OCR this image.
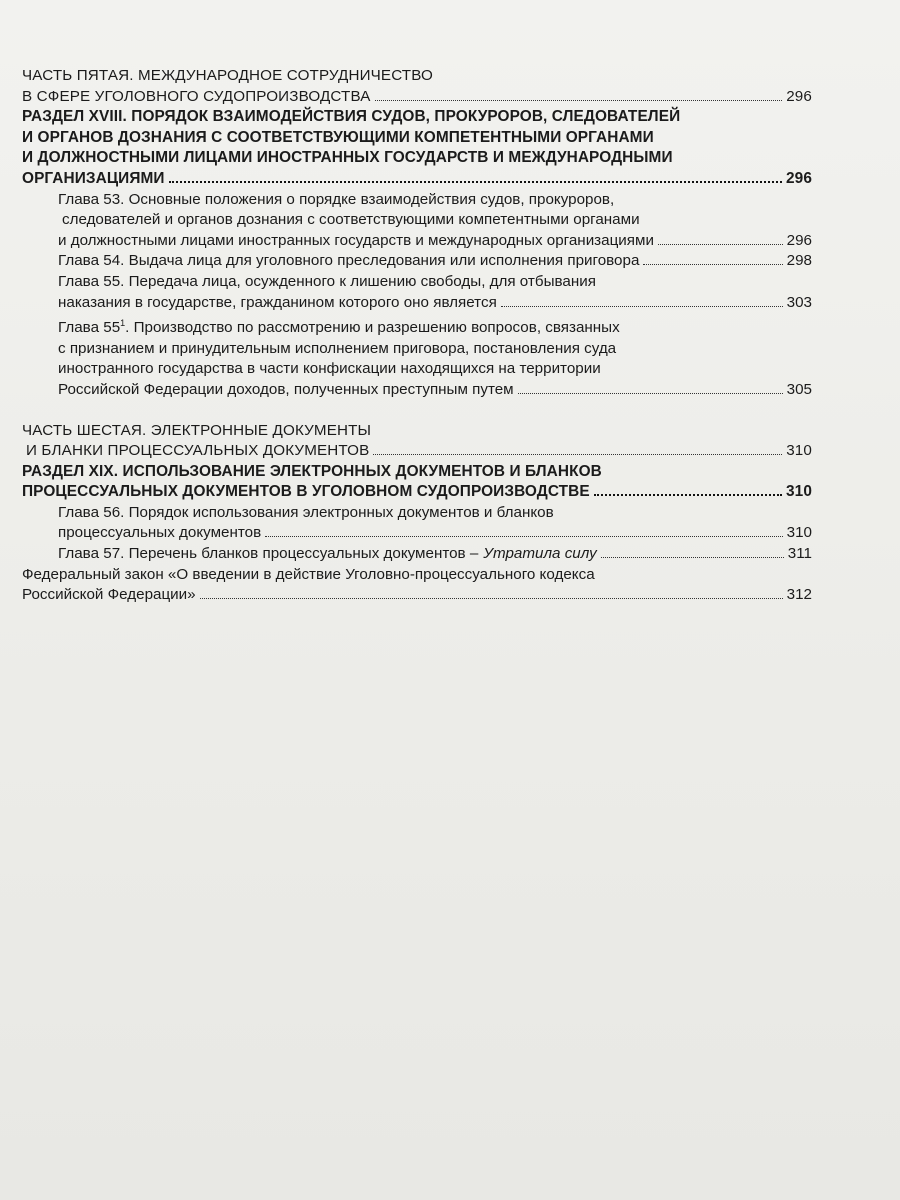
ЧАСТЬ ПЯТАЯ. МЕЖДУНАРОДНОЕ СОТРУДНИЧЕСТВО
В СФЕРЕ УГОЛОВНОГО СУДОПРОИЗВОДСТВА	296
РАЗДЕЛ XVIII. ПОРЯДОК ВЗАИМОДЕЙСТВИЯ СУДОВ, ПРОКУРОРОВ, СЛЕДОВАТЕЛЕЙ
И ОРГАНОВ ДОЗНАНИЯ С СООТВЕТСТВУЮЩИМИ КОМПЕТЕНТНЫМИ ОРГАНАМИ
И ДОЛЖНОСТНЫМИ ЛИЦАМИ ИНОСТРАННЫХ ГОСУДАРСТВ И МЕЖДУНАРОДНЫМИ
ОРГАНИЗАЦИЯМИ	296
Глава 53. Основные положения о порядке взаимодействия судов, прокуроров,
следователей и органов дознания с соответствующими компетентными органами
и должностными лицами иностранных государств и международных организациями	296
Глава 54. Выдача лица для уголовного преследования или исполнения приговора	298
Глава 55. Передача лица, осужденного к лишению свободы, для отбывания
наказания в государстве, гражданином которого оно является	303
Глава $55^1$. Производство по рассмотрению и разрешению вопросов, связанных
с признанием и принудительным исполнением приговора, постановления суда
иностранного государства в части конфискации находящихся на территории
Российской Федерации доходов, полученных преступным путем	305
ЧАСТЬ ШЕСТАЯ. ЭЛЕКТРОННЫЕ ДОКУМЕНТЫ
И БЛАНКИ ПРОЦЕССУАЛЬНЫХ ДОКУМЕНТОВ	310
РАЗДЕЛ XIX. ИСПОЛЬЗОВАНИЕ ЭЛЕКТРОННЫХ ДОКУМЕНТОВ И БЛАНКОВ
ПРОЦЕССУАЛЬНЫХ ДОКУМЕНТОВ В УГОЛОВНОМ СУДОПРОИЗВОДСТВЕ	310
Глава 56. Порядок использования электронных документов и бланков
процессуальных документов	310
Глава 57. Перечень бланков процессуальных документов – Утратила силу	311
Федеральный закон «О введении в действие Уголовно-процессуального кодекса
Российской Федерации»	312
